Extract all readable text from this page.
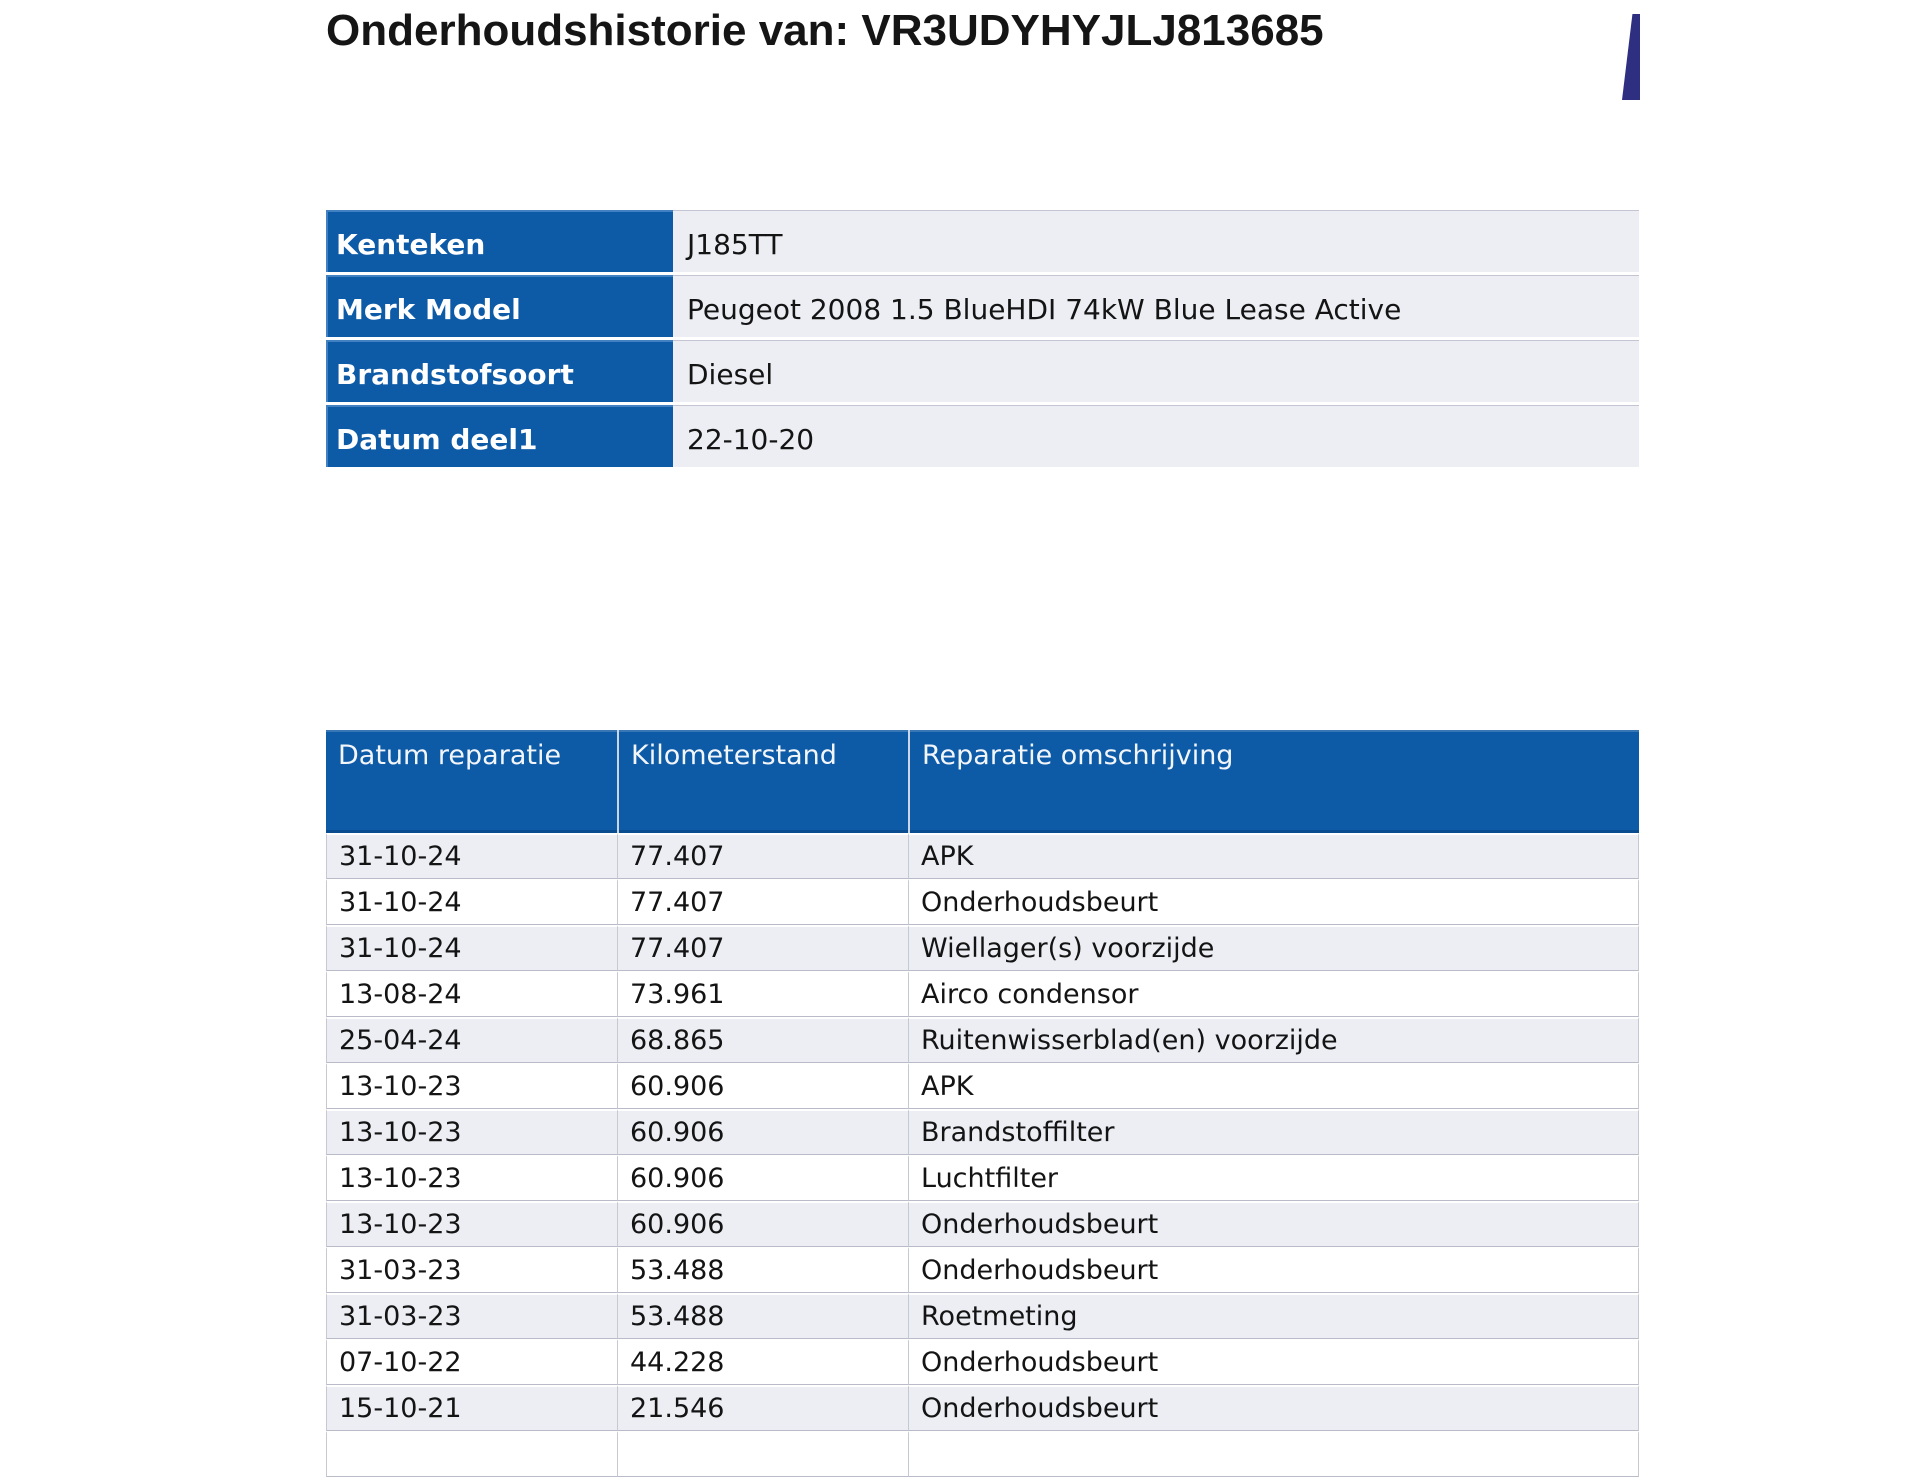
Onderhoudshistorie van: VR3UDYHYJLJ813685
Kenteken	J185TT
Merk Model	Peugeot 2008 1.5 BlueHDI 74kW Blue Lease Active
Brandstofsoort	Diesel
Datum deel1	22-10-20
Datum reparatie	Kilometerstand	Reparatie omschrijving
31-10-24	77.407	APK
31-10-24	77.407	Onderhoudsbeurt
31-10-24	77.407	Wiellager(s) voorzijde
13-08-24	73.961	Airco condensor
25-04-24	68.865	Ruitenwisserblad(en) voorzijde
13-10-23	60.906	APK
13-10-23	60.906	Brandstoffilter
13-10-23	60.906	Luchtfilter
13-10-23	60.906	Onderhoudsbeurt
31-03-23	53.488	Onderhoudsbeurt
31-03-23	53.488	Roetmeting
07-10-22	44.228	Onderhoudsbeurt
15-10-21	21.546	Onderhoudsbeurt
